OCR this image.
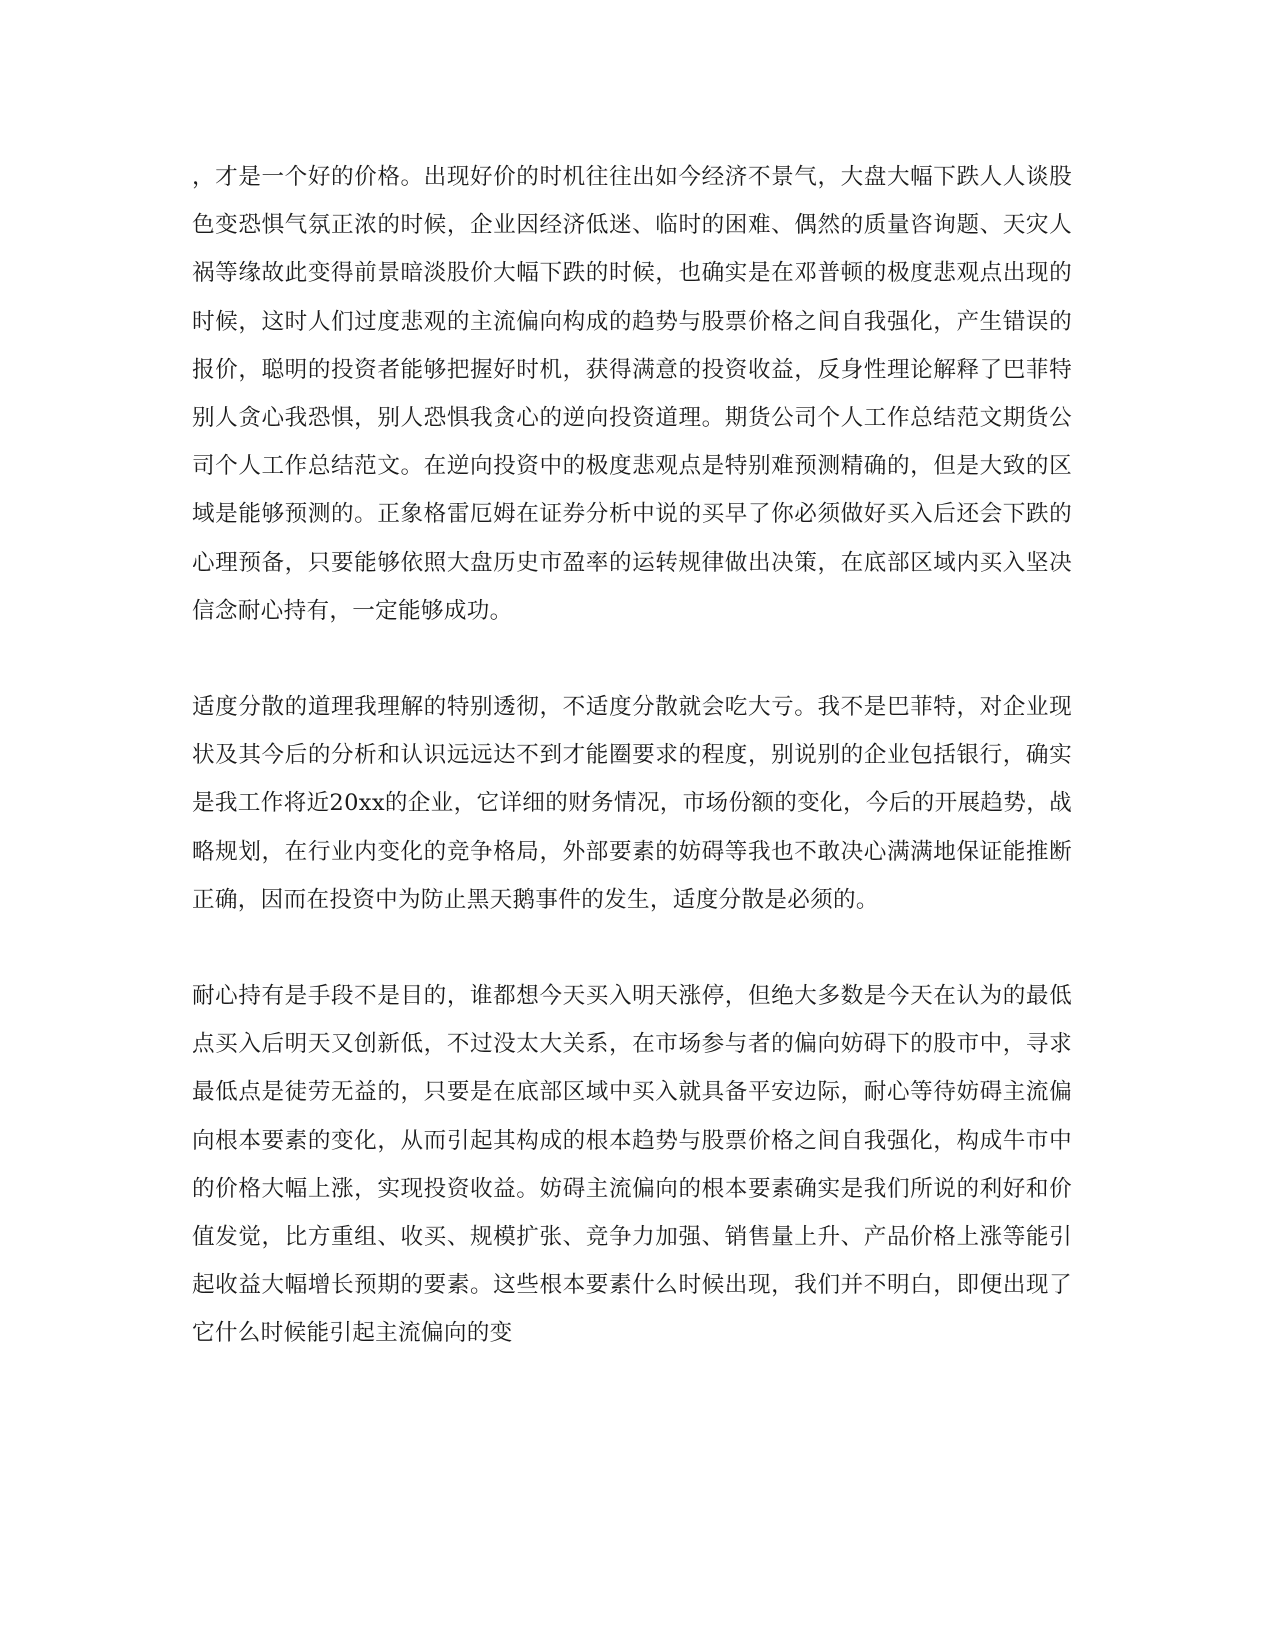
，才是一个好的价格。出现好价的时机往往出如今经济不景气，大盘大幅下跌人人谈股色变恐惧气氛正浓的时候，企业因经济低迷、临时的困难、偶然的质量咨询题、天灾人祸等缘故此变得前景暗淡股价大幅下跌的时候，也确实是在邓普顿的极度悲观点出现的时候，这时人们过度悲观的主流偏向构成的趋势与股票价格之间自我强化，产生错误的报价，聪明的投资者能够把握好时机，获得满意的投资收益，反身性理论解释了巴菲特别人贪心我恐惧，别人恐惧我贪心的逆向投资道理。期货公司个人工作总结范文期货公司个人工作总结范文。在逆向投资中的极度悲观点是特别难预测精确的，但是大致的区域是能够预测的。正象格雷厄姆在证券分析中说的买早了你必须做好买入后还会下跌的心理预备，只要能够依照大盘历史市盈率的运转规律做出决策，在底部区域内买入坚决信念耐心持有，一定能够成功。

适度分散的道理我理解的特别透彻，不适度分散就会吃大亏。我不是巴菲特，对企业现状及其今后的分析和认识远远达不到才能圈要求的程度，别说别的企业包括银行，确实是我工作将近20xx的企业，它详细的财务情况，市场份额的变化，今后的开展趋势，战略规划，在行业内变化的竞争格局，外部要素的妨碍等我也不敢决心满满地保证能推断正确，因而在投资中为防止黑天鹅事件的发生，适度分散是必须的。

耐心持有是手段不是目的，谁都想今天买入明天涨停，但绝大多数是今天在认为的最低点买入后明天又创新低，不过没太大关系，在市场参与者的偏向妨碍下的股市中，寻求最低点是徒劳无益的，只要是在底部区域中买入就具备平安边际，耐心等待妨碍主流偏向根本要素的变化，从而引起其构成的根本趋势与股票价格之间自我强化，构成牛市中的价格大幅上涨，实现投资收益。妨碍主流偏向的根本要素确实是我们所说的利好和价值发觉，比方重组、收买、规模扩张、竞争力加强、销售量上升、产品价格上涨等能引起收益大幅增长预期的要素。这些根本要素什么时候出现，我们并不明白，即便出现了它什么时候能引起主流偏向的变
